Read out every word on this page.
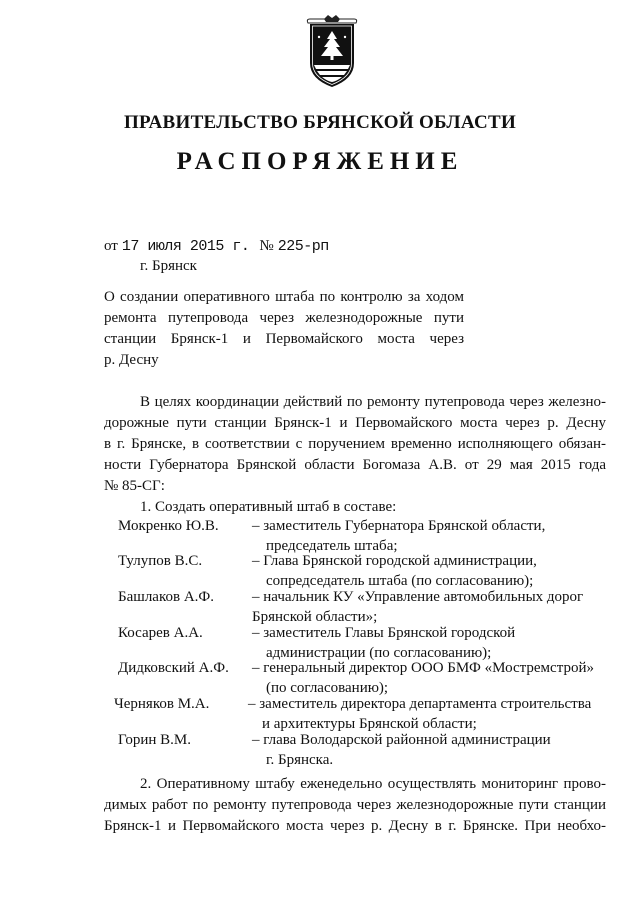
ПРАВИТЕЛЬСТВО БРЯНСКОЙ ОБЛАСТИ
РАСПОРЯЖЕНИЕ
от 17 июля 2015 г. № 225-рп
г. Брянск
О создании оперативного штаба по контролю за ходом
ремонта путепровода через железнодорожные пути
станции Брянск-1 и Первомайского моста через
р. Десну
В целях координации действий по ремонту путепровода через железно-
дорожные пути станции Брянск-1 и Первомайского моста через р. Десну
в г. Брянске, в соответствии с поручением временно исполняющего обязан-
ности Губернатора Брянской области Богомаза А.В. от 29 мая 2015 года
№ 85-СГ:
1. Создать оперативный штаб в составе:
Мокренко Ю.В. – заместитель Губернатора Брянской области,
председатель штаба;
Тулупов В.С.	– Глава Брянской городской администрации,
сопредседатель штаба (по согласованию);
Башлаков А.Ф.	– начальник КУ «Управление автомобильных дорог
Брянской области»;
Косарев А.А.	– заместитель Главы Брянской городской
администрации (по согласованию);
Дидковский А.Ф. – генеральный директор ООО БМФ «Мостремстрой»
(по согласованию);
Черняков М.А.	– заместитель директора департамента строительства
и архитектуры Брянской области;
Горин В.М.	– глава Володарской районной администрации
г. Брянска.
2. Оперативному штабу еженедельно осуществлять мониторинг прово-
димых работ по ремонту путепровода через железнодорожные пути станции
Брянск-1 и Первомайского моста через р. Десну в г. Брянске. При необхо-
